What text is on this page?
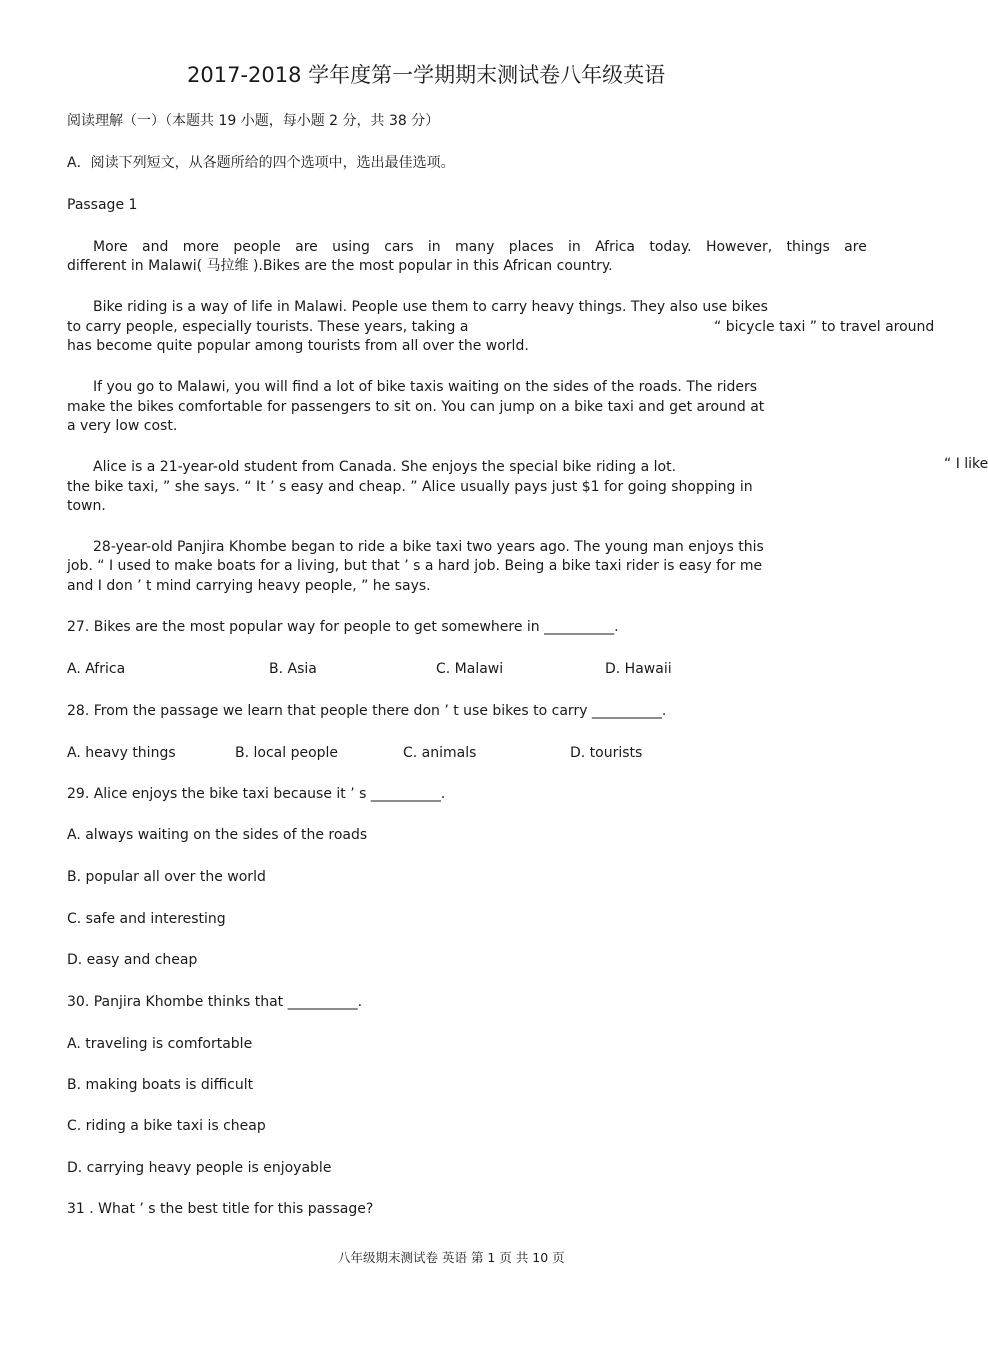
2017-2018 学年度第一学期期末测试卷八年级英语
阅读理解（一）（本题共 19 小题，每小题 2 分，共 38 分）
A．阅读下列短文，从各题所给的四个选项中，选出最佳选项。
Passage 1
More and more people are using cars in many places in Africa today. However, things are
different in Malawi( 马拉维 ).Bikes are the most popular in this African country.
Bike riding is a way of life in Malawi. People use them to carry heavy things. They also use bikes
to carry people, especially tourists. These years, taking a	“ bicycle taxi ” to travel around
has become quite popular among tourists from all over the world.
If you go to Malawi, you will find a lot of bike taxis waiting on the sides of the roads. The riders
make the bikes comfortable for passengers to sit on. You can jump on a bike taxi and get around at
a very low cost.
Alice is a 21-year-old student from Canada. She enjoys the special bike riding a lot.	“ I like
the bike taxi, ” she says. “ It ’ s easy and cheap. ” Alice usually pays just $1 for going shopping in
town.
28-year-old Panjira Khombe began to ride a bike taxi two years ago. The young man enjoys this
job. “ I used to make boats for a living, but that ’ s a hard job. Being a bike taxi rider is easy for me
and I don ’ t mind carrying heavy people, ” he says.
27. Bikes are the most popular way for people to get somewhere in __________.
A. Africa	B. Asia	C. Malawi	D. Hawaii
28. From the passage we learn that people there don ’ t use bikes to carry __________.
A. heavy things	B. local people	C. animals	D. tourists
29. Alice enjoys the bike taxi because it ’ s __________.
A. always waiting on the sides of the roads
B. popular all over the world
C. safe and interesting
D. easy and cheap
30. Panjira Khombe thinks that __________.
A. traveling is comfortable
B. making boats is difficult
C. riding a bike taxi is cheap
D. carrying heavy people is enjoyable
31 . What ’ s the best title for this passage?
八年级期末测试卷 英语 第 1 页 共 10 页
